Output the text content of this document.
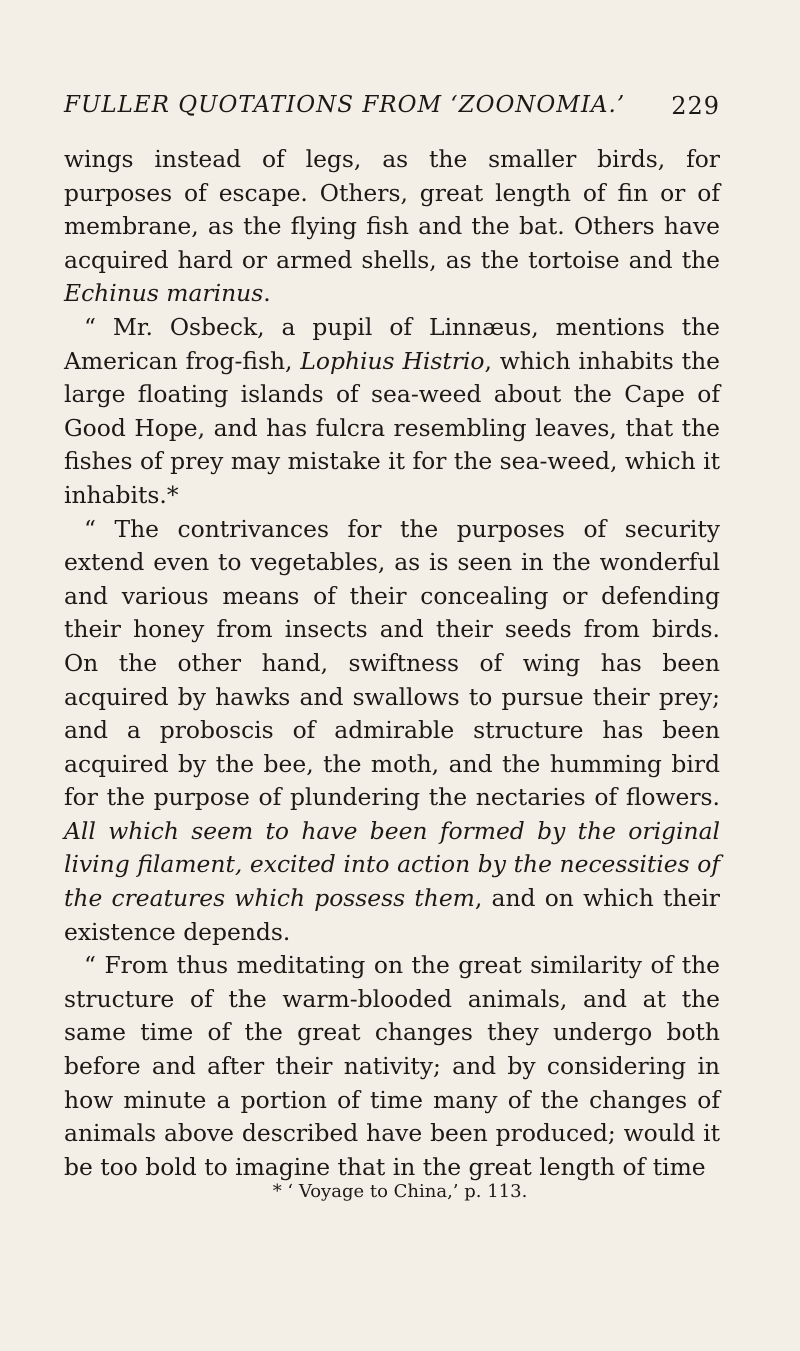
FULLER QUOTATIONS FROM ‘ZOONOMIA.’ 229

wings instead of legs, as the smaller birds, for purposes of escape. Others, great length of fin or of membrane, as the flying fish and the bat. Others have acquired hard or armed shells, as the tortoise and the Echinus marinus.

“ Mr. Osbeck, a pupil of Linnæus, mentions the American frog-fish, Lophius Histrio, which inhabits the large floating islands of sea-weed about the Cape of Good Hope, and has fulcra resembling leaves, that the fishes of prey may mistake it for the sea-weed, which it inhabits.*

“ The contrivances for the purposes of security extend even to vegetables, as is seen in the wonderful and various means of their concealing or defending their honey from insects and their seeds from birds. On the other hand, swiftness of wing has been acquired by hawks and swallows to pursue their prey; and a proboscis of admirable structure has been acquired by the bee, the moth, and the humming bird for the purpose of plundering the nectaries of flowers. All which seem to have been formed by the original living filament, excited into action by the necessities of the creatures which possess them, and on which their existence depends.

“ From thus meditating on the great similarity of the structure of the warm-blooded animals, and at the same time of the great changes they undergo both before and after their nativity; and by considering in how minute a portion of time many of the changes of animals above described have been produced; would it be too bold to imagine that in the great length of time

* ‘ Voyage to China,’ p. 113.
